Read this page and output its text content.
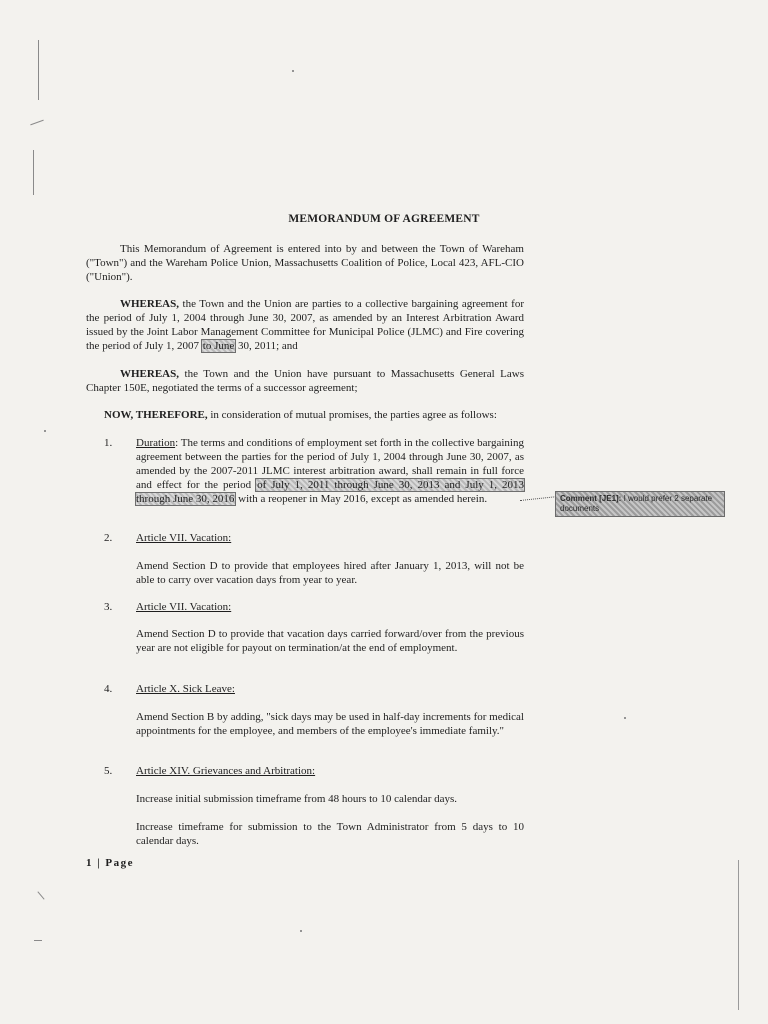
MEMORANDUM OF AGREEMENT
This Memorandum of Agreement is entered into by and between the Town of Wareham ("Town") and the Wareham Police Union, Massachusetts Coalition of Police, Local 423, AFL-CIO ("Union").
WHEREAS, the Town and the Union are parties to a collective bargaining agreement for the period of July 1, 2004 through June 30, 2007, as amended by an Interest Arbitration Award issued by the Joint Labor Management Committee for Municipal Police (JLMC) and Fire covering the period of July 1, 2007 to June 30, 2011; and
WHEREAS, the Town and the Union have pursuant to Massachusetts General Laws Chapter 150E, negotiated the terms of a successor agreement;
NOW, THEREFORE, in consideration of mutual promises, the parties agree as follows:
1. Duration: The terms and conditions of employment set forth in the collective bargaining agreement between the parties for the period of July 1, 2004 through June 30, 2007, as amended by the 2007-2011 JLMC interest arbitration award, shall remain in full force and effect for the period of July 1, 2011 through June 30, 2013 and July 1, 2013 through June 30, 2016 with a reopener in May 2016, except as amended herein.	Comment [JE1]: I would prefer 2 separate documents
2. Article VII. Vacation:
Amend Section D to provide that employees hired after January 1, 2013, will not be able to carry over vacation days from year to year.
3. Article VII. Vacation:
Amend Section D to provide that vacation days carried forward/over from the previous year are not eligible for payout on termination/at the end of employment.
4. Article X. Sick Leave:
Amend Section B by adding, "sick days may be used in half-day increments for medical appointments for the employee, and members of the employee's immediate family."
5. Article XIV. Grievances and Arbitration:
Increase initial submission timeframe from 48 hours to 10 calendar days.
Increase timeframe for submission to the Town Administrator from 5 days to 10 calendar days.
1 | Page
